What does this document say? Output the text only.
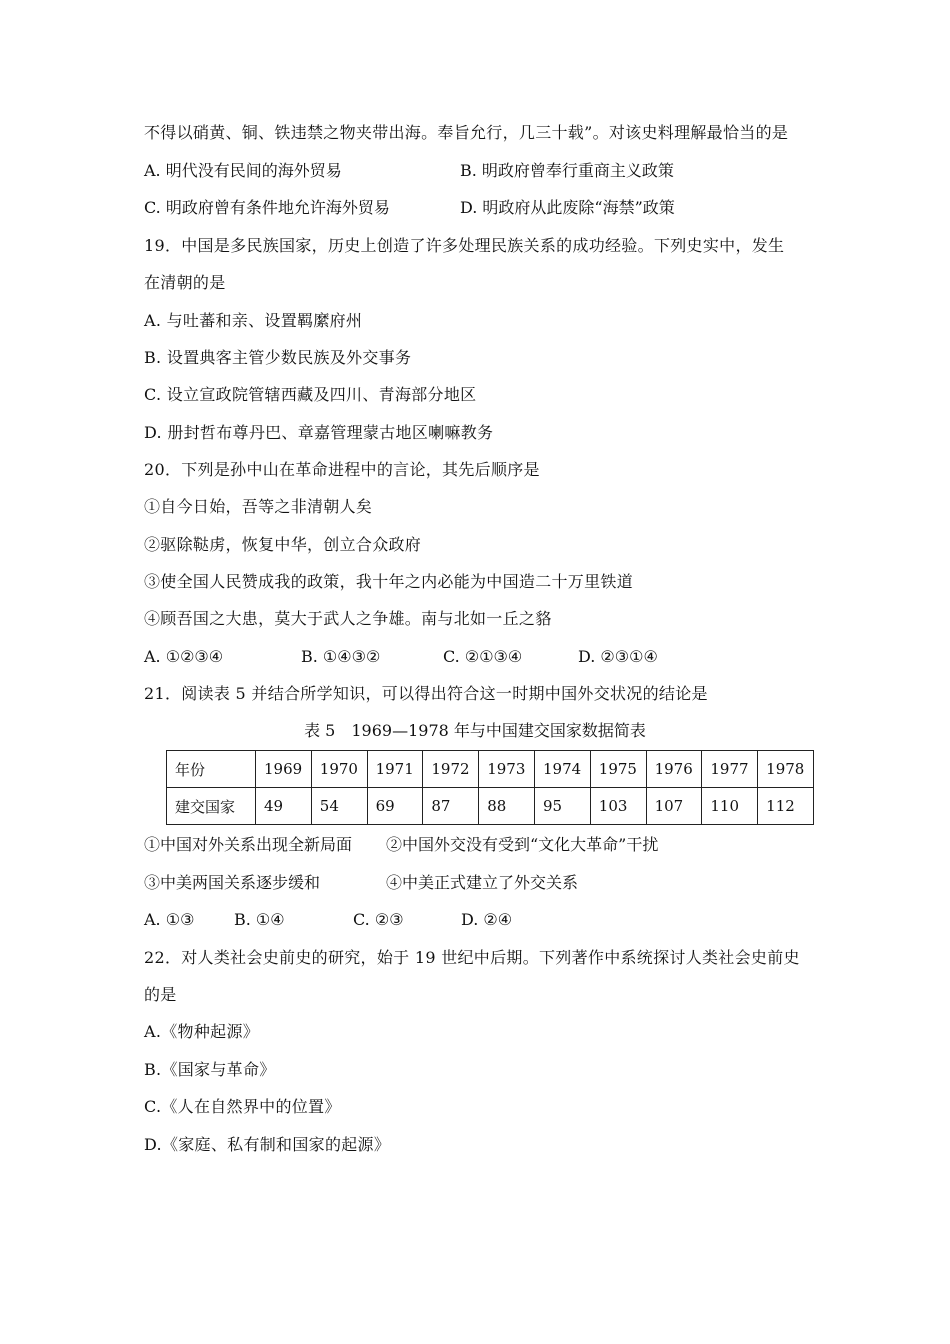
不得以硝黄、铜、铁违禁之物夹带出海。奉旨允行，几三十载”。对该史料理解最恰当的是
A. 明代没有民间的海外贸易	B. 明政府曾奉行重商主义政策
C. 明政府曾有条件地允许海外贸易	D. 明政府从此废除“海禁”政策
19．中国是多民族国家，历史上创造了许多处理民族关系的成功经验。下列史实中，发生
在清朝的是
A. 与吐蕃和亲、设置羁縻府州
B. 设置典客主管少数民族及外交事务
C. 设立宣政院管辖西藏及四川、青海部分地区
D. 册封哲布尊丹巴、章嘉管理蒙古地区喇嘛教务
20．下列是孙中山在革命进程中的言论，其先后顺序是
①自今日始，吾等之非清朝人矣
②驱除鞑虏，恢复中华，创立合众政府
③使全国人民赞成我的政策，我十年之内必能为中国造二十万里铁道
④顾吾国之大患，莫大于武人之争雄。南与北如一丘之貉
A. ①②③④	B. ①④③②	C. ②①③④	D. ②③①④
21．阅读表 5 并结合所学知识，可以得出符合这一时期中国外交状况的结论是
表 5　1969—1978 年与中国建交国家数据简表
年份	1969	1970	1971	1972	1973	1974	1975	1976	1977	1978
建交国家	49	54	69	87	88	95	103	107	110	112
①中国对外关系出现全新局面 ②中国外交没有受到“文化大革命”干扰
③中美两国关系逐步缓和	④中美正式建立了外交关系
A. ①③ B. ①④	C. ②③	D. ②④
22．对人类社会史前史的研究，始于 19 世纪中后期。下列著作中系统探讨人类社会史前史
的是
A.《物种起源》
B.《国家与革命》
C.《人在自然界中的位置》
D.《家庭、私有制和国家的起源》
